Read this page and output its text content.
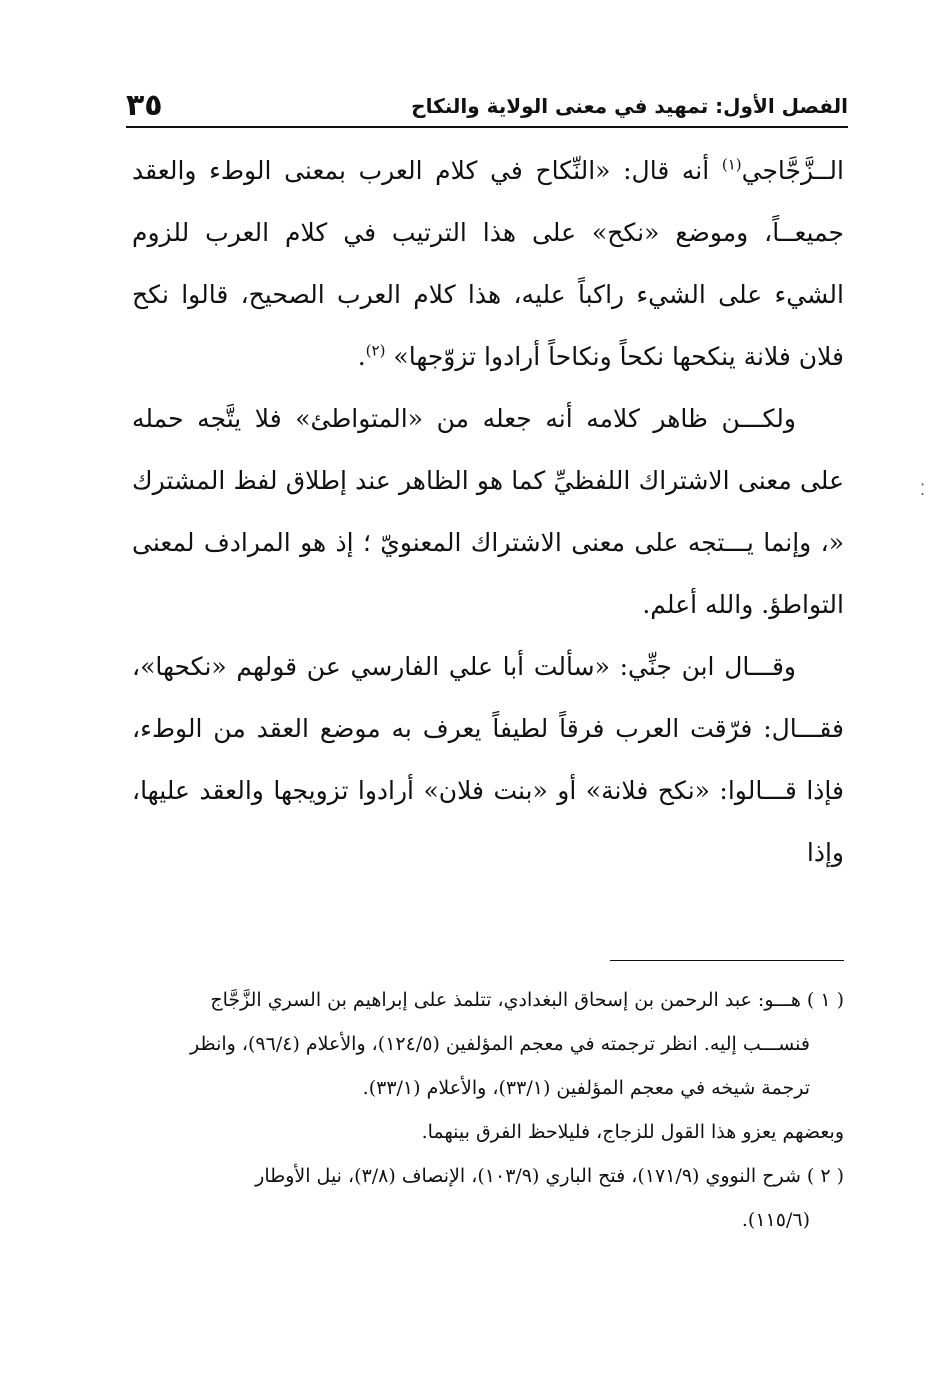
الفصل الأول: تمهيد في معنى الولاية والنكاح
٣٥

الــزَّجَّاجي$^{(١)}$ أنه قال: «النِّكاح في كلام العرب بمعنى الوطء والعقد جميعــاً، وموضع «نكح» على هذا الترتيب في كلام العرب للزوم الشيء على الشيء راكباً عليه، هذا كلام العرب الصحيح، قالوا نكح فلان فلانة ينكحها نكحاً ونكاحاً أرادوا تزوّجها» $^{(٢)}$.

ولكـــن ظاهر كلامه أنه جعله من «المتواطئ» فلا يتَّجه حمله على معنى الاشتراك اللفظيِّ كما هو الظاهر عند إطلاق لفظ المشترك «، وإنما يـــتجه على معنى الاشتراك المعنويّ ؛ إذ هو المرادف لمعنى التواطؤ. والله أعلم.

وقـــال ابن جنِّي: «سألت أبا علي الفارسي عن قولهم «نكحها»، فقـــال: فرّقت العرب فرقاً لطيفاً يعرف به موضع العقد من الوطء، فإذا قـــالوا: «نكح فلانة» أو «بنت فلان» أرادوا تزويجها والعقد عليها، وإذا

( ١ )هـــو: عبد الرحمن بن إسحاق البغدادي، تتلمذ على إبراهيم بن السري الزَّجَّاج
فنســـب إليه. انظر ترجمته في معجم المؤلفين (١٢٤/٥)، والأعلام (٩٦/٤)، وانظر
ترجمة شيخه في معجم المؤلفين (٣٣/١)، والأعلام (٣٣/١).

وبعضهم يعزو هذا القول للزجاج، فليلاحظ الفرق بينهما.

( ٢ )شرح النووي (١٧١/٩)، فتح الباري (١٠٣/٩)، الإنصاف (٣/٨)، نيل الأوطار
(١١٥/٦).

⁚
